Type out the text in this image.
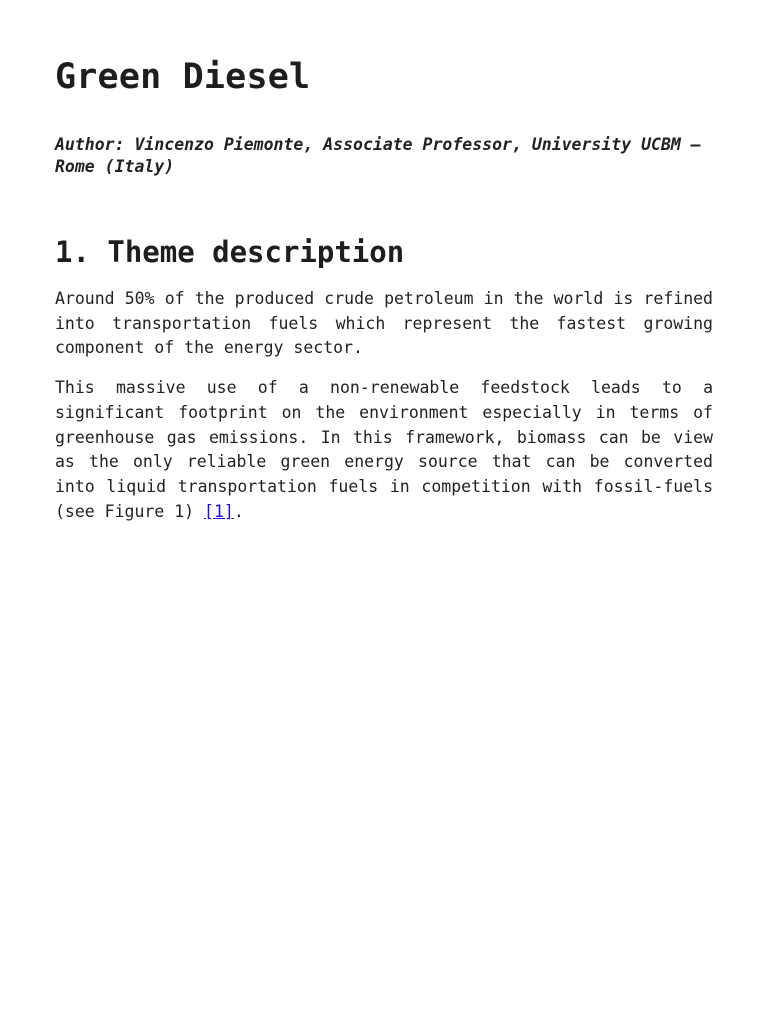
Green Diesel

Author: Vincenzo Piemonte, Associate Professor, University UCBM – Rome (Italy)

1. Theme description

Around 50% of the produced crude petroleum in the world is refined into transportation fuels which represent the fastest growing component of the energy sector.

This massive use of a non-renewable feedstock leads to a significant footprint on the environment especially in terms of greenhouse gas emissions. In this framework, biomass can be view as the only reliable green energy source that can be converted into liquid transportation fuels in competition with fossil-fuels (see Figure 1) [1].
